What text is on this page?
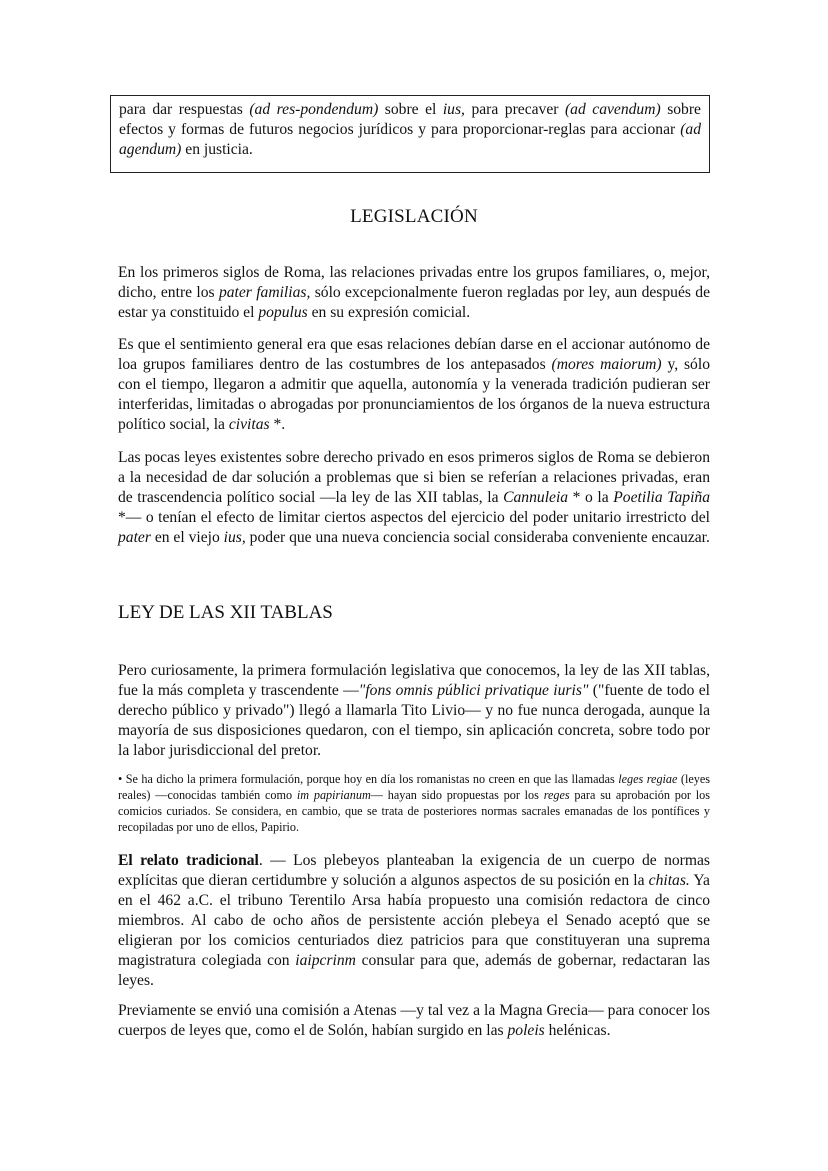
para dar respuestas (ad res-pondendum) sobre el ius, para precaver (ad cavendum) sobre efectos y formas de futuros negocios jurídicos y para proporcionar-reglas para accionar (ad agendum) en justicia.
LEGISLACIÓN

En los primeros siglos de Roma, las relaciones privadas entre los grupos familiares, o, mejor, dicho, entre los pater familias, sólo excepcionalmente fueron regladas por ley, aun después de estar ya constituido el populus en su expresión comicial.

Es que el sentimiento general era que esas relaciones debían darse en el accionar autónomo de loa grupos familiares dentro de las costumbres de los antepasados (mores maiorum) y, sólo con el tiempo, llegaron a admitir que aquella, autonomía y la venerada tradición pudieran ser interferidas, limitadas o abrogadas por pronunciamientos de los órganos de la nueva estructura político social, la civitas *.

Las pocas leyes existentes sobre derecho privado en esos primeros siglos de Roma se debieron a la necesidad de dar solución a problemas que si bien se referían a relaciones privadas, eran de trascendencia político social —la ley de las XII tablas, la Cannuleia * o la Poetilia Tapiña *— o tenían el efecto de limitar ciertos aspectos del ejercicio del poder unitario irrestricto del pater en el viejo ius, poder que una nueva conciencia social consideraba conveniente encauzar.

LEY DE LAS XII TABLAS

Pero curiosamente, la primera formulación legislativa que conocemos, la ley de las XII tablas, fue la más completa y trascendente —"fons omnis públici privatique iuris" ("fuente de todo el derecho público y privado") llegó a llamarla Tito Livio— y no fue nunca derogada, aunque la mayoría de sus disposiciones quedaron, con el tiempo, sin aplicación concreta, sobre todo por la labor jurisdiccional del pretor.

• Se ha dicho la primera formulación, porque hoy en día los romanistas no creen en que las llamadas leges regiae (leyes reales) —conocidas también como im papirianum— hayan sido propuestas por los reges para su aprobación por los comicios curiados. Se considera, en cambio, que se trata de posteriores normas sacrales emanadas de los pontífices y recopiladas por uno de ellos, Papirio.

El relato tradicional. — Los plebeyos planteaban la exigencia de un cuerpo de normas explícitas que dieran certidumbre y solución a algunos aspectos de su posición en la chitas. Ya en el 462 a.C. el tribuno Terentilo Arsa había propuesto una comisión redactora de cinco miembros. Al cabo de ocho años de persistente acción plebeya el Senado aceptó que se eligieran por los comicios centuriados diez patricios para que constituyeran una suprema magistratura colegiada con iaipcrinm consular para que, además de gobernar, redactaran las leyes.

Previamente se envió una comisión a Atenas —y tal vez a la Magna Grecia— para conocer los cuerpos de leyes que, como el de Solón, habían surgido en las poleis helénicas.
